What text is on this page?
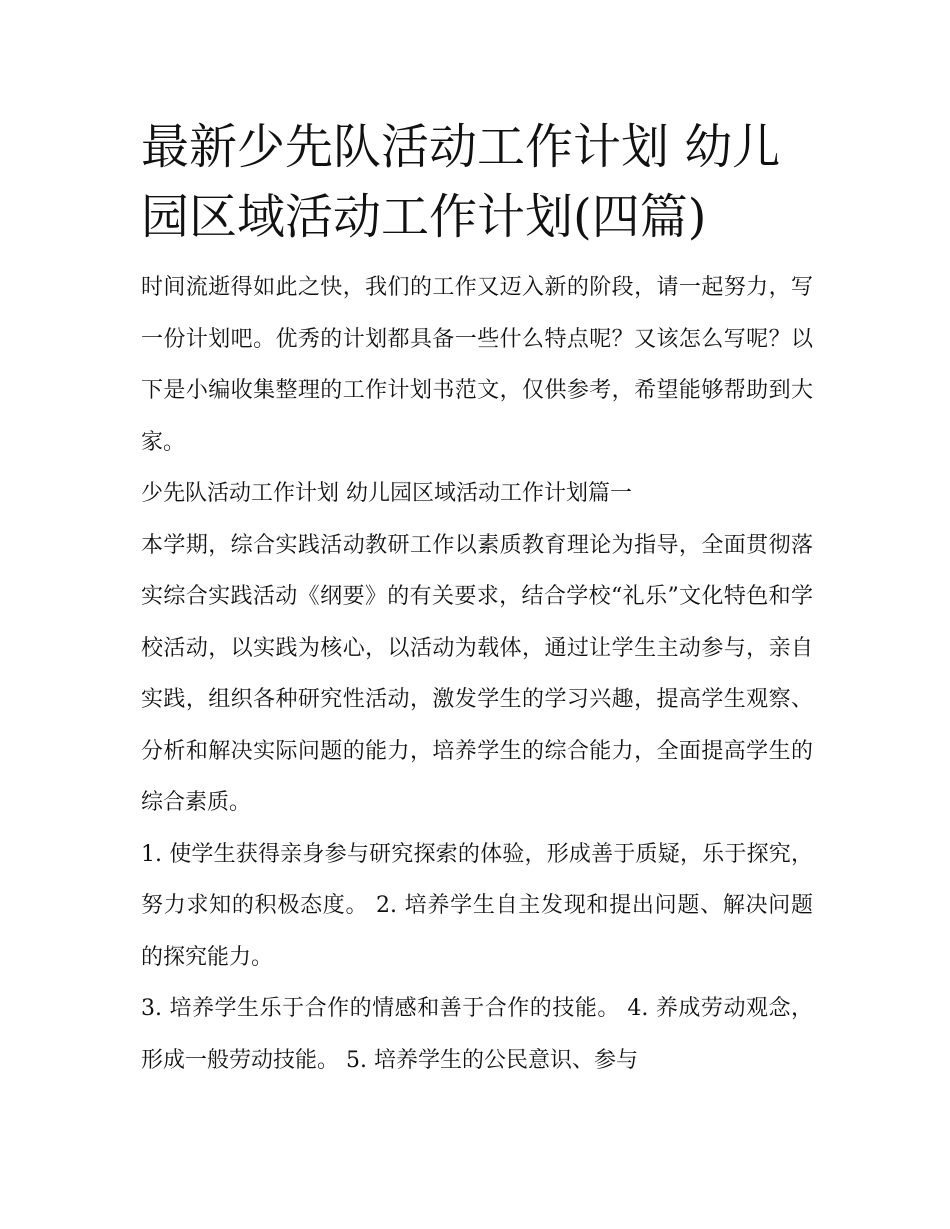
最新少先队活动工作计划 幼儿园区域活动工作计划(四篇)

时间流逝得如此之快，我们的工作又迈入新的阶段，请一起努力，写一份计划吧。优秀的计划都具备一些什么特点呢？又该怎么写呢？以下是小编收集整理的工作计划书范文，仅供参考，希望能够帮助到大家。

少先队活动工作计划 幼儿园区域活动工作计划篇一

本学期，综合实践活动教研工作以素质教育理论为指导，全面贯彻落实综合实践活动《纲要》的有关要求，结合学校“礼乐”文化特色和学校活动，以实践为核心，以活动为载体，通过让学生主动参与，亲自实践，组织各种研究性活动，激发学生的学习兴趣，提高学生观察、分析和解决实际问题的能力，培养学生的综合能力，全面提高学生的综合素质。

1. 使学生获得亲身参与研究探索的体验，形成善于质疑，乐于探究，努力求知的积极态度。 2. 培养学生自主发现和提出问题、解决问题的探究能力。

3. 培养学生乐于合作的情感和善于合作的技能。 4. 养成劳动观念，形成一般劳动技能。 5. 培养学生的公民意识、参与
